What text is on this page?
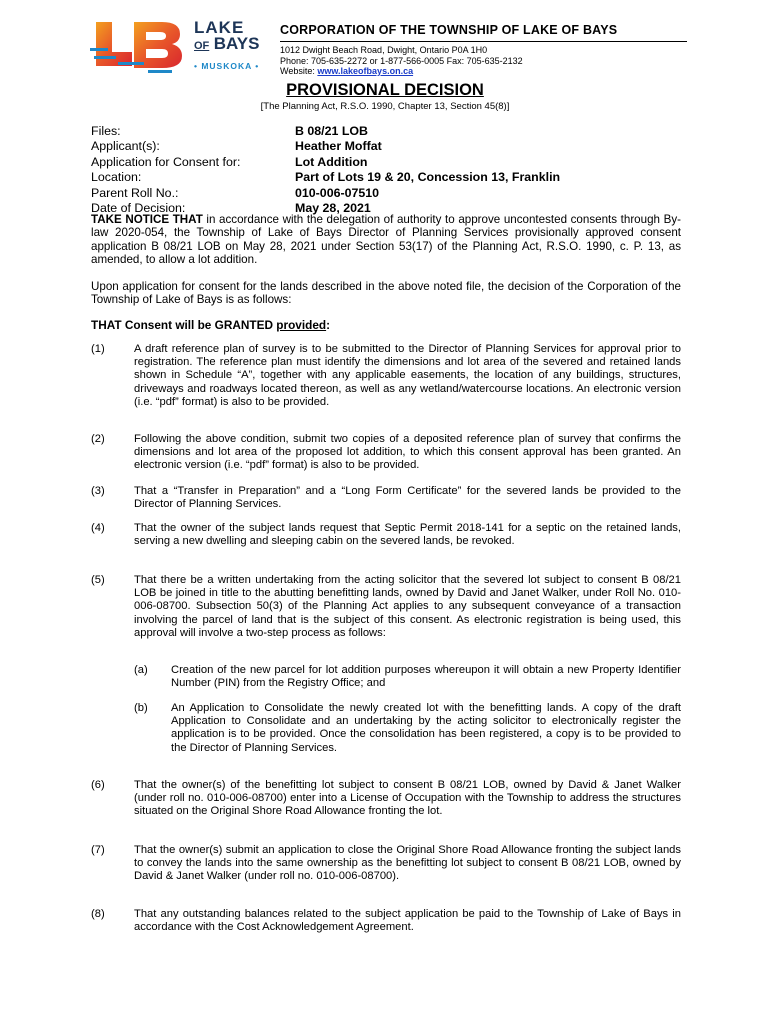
LAKE
OF BAYS
• MUSKOKA •
CORPORATION OF THE TOWNSHIP OF LAKE OF BAYS
1012 Dwight Beach Road, Dwight, Ontario P0A 1H0
Phone: 705-635-2272 or 1-877-566-0005 Fax: 705-635-2132
Website: www.lakeofbays.on.ca
PROVISIONAL DECISION
[The Planning Act, R.S.O. 1990, Chapter 13, Section 45(8)]
Files:	B 08/21 LOB
Applicant(s):	Heather Moffat
Application for Consent for:	Lot Addition
Location:	Part of Lots 19 & 20, Concession 13, Franklin
Parent Roll No.:	010-006-07510
Date of Decision:	May 28, 2021
TAKE NOTICE THAT in accordance with the delegation of authority to approve uncontested consents through By-law 2020-054, the Township of Lake of Bays Director of Planning Services provisionally approved consent application B 08/21 LOB on May 28, 2021 under Section 53(17) of the Planning Act, R.S.O. 1990, c. P. 13, as amended, to allow a lot addition.
Upon application for consent for the lands described in the above noted file, the decision of the Corporation of the Township of Lake of Bays is as follows:
THAT Consent will be GRANTED provided:
(1)	A draft reference plan of survey is to be submitted to the Director of Planning Services for approval prior to registration. The reference plan must identify the dimensions and lot area of the severed and retained lands shown in Schedule “A”, together with any applicable easements, the location of any buildings, structures, driveways and roadways located thereon, as well as any wetland/watercourse locations. An electronic version (i.e. “pdf” format) is also to be provided.
(2)	Following the above condition, submit two copies of a deposited reference plan of survey that confirms the dimensions and lot area of the proposed lot addition, to which this consent approval has been granted. An electronic version (i.e. “pdf” format) is also to be provided.
(3)	That a “Transfer in Preparation” and a “Long Form Certificate” for the severed lands be provided to the Director of Planning Services.
(4)	That the owner of the subject lands request that Septic Permit 2018-141 for a septic on the retained lands, serving a new dwelling and sleeping cabin on the severed lands, be revoked.
(5)	That there be a written undertaking from the acting solicitor that the severed lot subject to consent B 08/21 LOB be joined in title to the abutting benefitting lands, owned by David and Janet Walker, under Roll No. 010-006-08700. Subsection 50(3) of the Planning Act applies to any subsequent conveyance of a transaction involving the parcel of land that is the subject of this consent. As electronic registration is being used, this approval will involve a two-step process as follows:
(a) Creation of the new parcel for lot addition purposes whereupon it will obtain a new Property Identifier Number (PIN) from the Registry Office; and
(b) An Application to Consolidate the newly created lot with the benefitting lands. A copy of the draft Application to Consolidate and an undertaking by the acting solicitor to electronically register the application is to be provided. Once the consolidation has been registered, a copy is to be provided to the Director of Planning Services.
(6)	That the owner(s) of the benefitting lot subject to consent B 08/21 LOB, owned by David & Janet Walker (under roll no. 010-006-08700) enter into a License of Occupation with the Township to address the structures situated on the Original Shore Road Allowance fronting the lot.
(7)	That the owner(s) submit an application to close the Original Shore Road Allowance fronting the subject lands to convey the lands into the same ownership as the benefitting lot subject to consent B 08/21 LOB, owned by David & Janet Walker (under roll no. 010-006-08700).
(8)	That any outstanding balances related to the subject application be paid to the Township of Lake of Bays in accordance with the Cost Acknowledgement Agreement.
